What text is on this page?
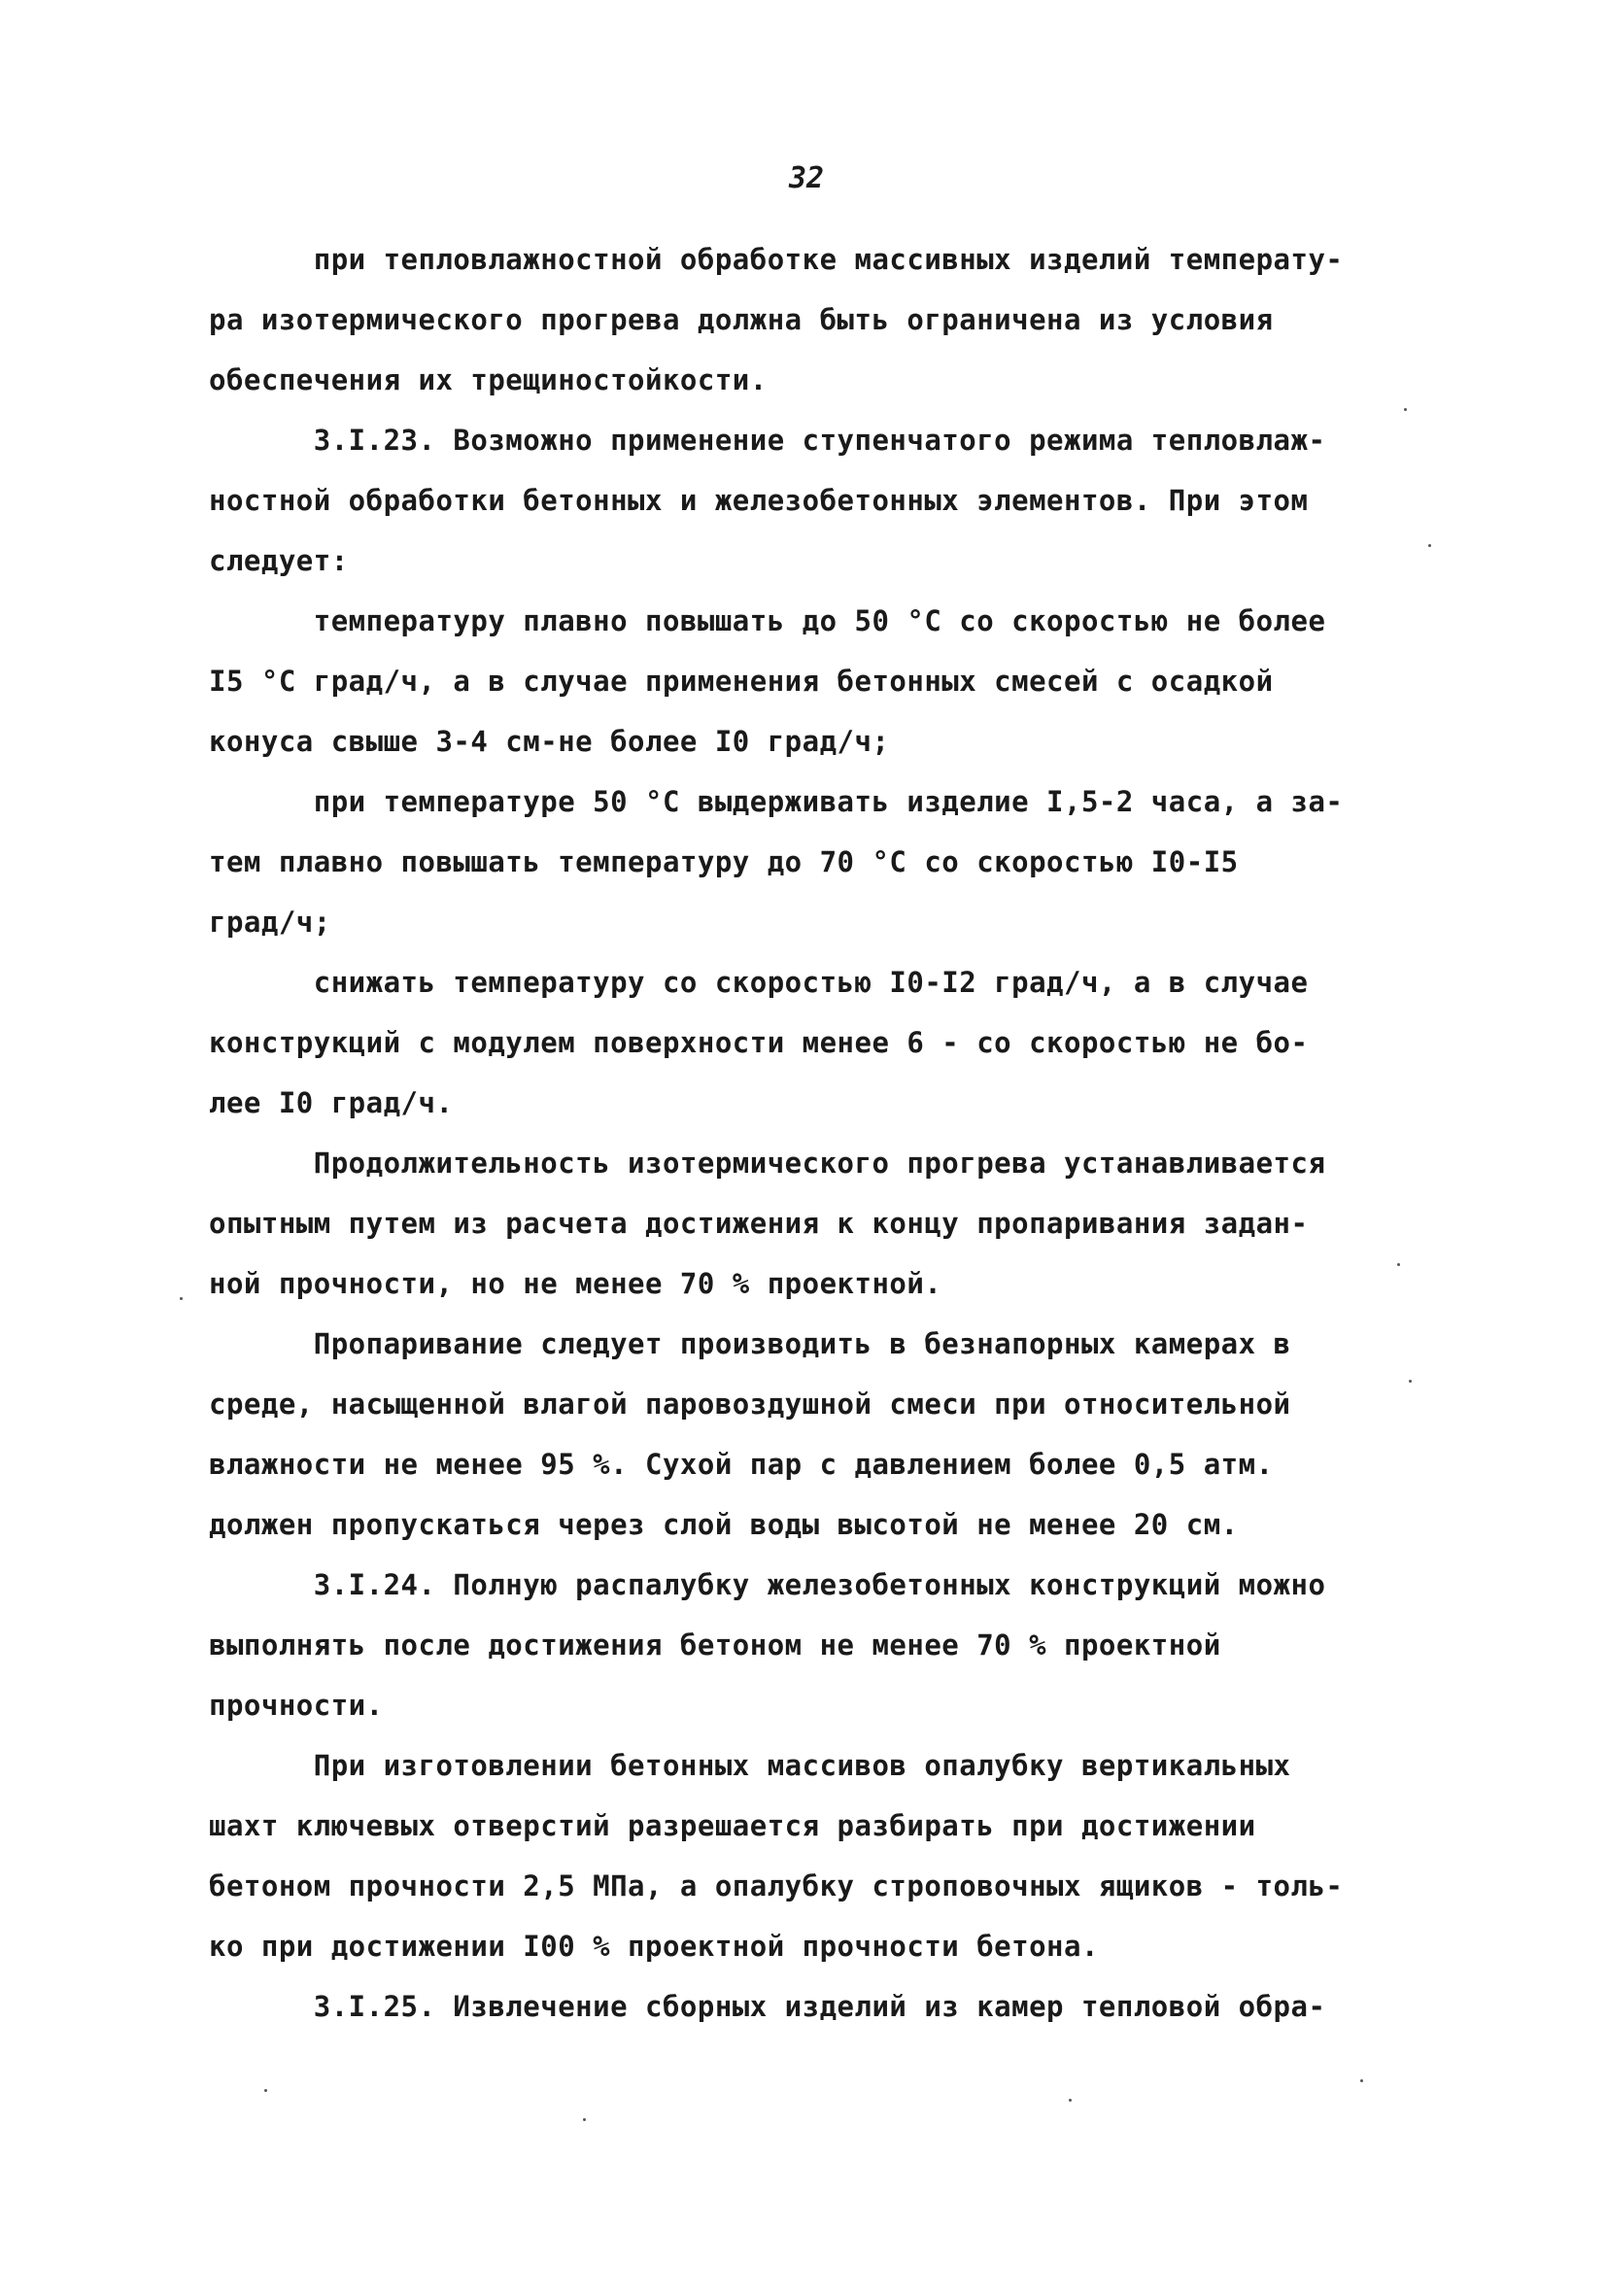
32
при тепловлажностной обработке массивных изделий температу-
ра изотермического прогрева должна быть ограничена из условия
обеспечения их трещиностойкости.
3.I.23. Возможно применение ступенчатого режима тепловлаж-
ностной обработки бетонных и железобетонных элементов. При этом
следует:
температуру плавно повышать до 50 °C со скоростью не более
I5 °C град/ч, а в случае применения бетонных смесей с осадкой
конуса свыше 3-4 см-не более I0 град/ч;
при температуре 50 °C выдерживать изделие I,5-2 часа, а за-
тем плавно повышать температуру до 70 °C со скоростью I0-I5
град/ч;
снижать температуру со скоростью I0-I2 град/ч, а в случае
конструкций с модулем поверхности менее 6 - со скоростью не бо-
лее I0 град/ч.
Продолжительность изотермического прогрева устанавливается
опытным путем из расчета достижения к концу пропаривания задан-
ной прочности, но не менее 70 % проектной.
Пропаривание следует производить в безнапорных камерах в
среде, насыщенной влагой паровоздушной смеси при относительной
влажности не менее 95 %. Сухой пар с давлением более 0,5 атм.
должен пропускаться через слой воды высотой не менее 20 см.
3.I.24. Полную распалубку железобетонных конструкций можно
выполнять после достижения бетоном не менее 70 % проектной
прочности.
При изготовлении бетонных массивов опалубку вертикальных
шахт ключевых отверстий разрешается разбирать при достижении
бетоном прочности 2,5 МПа, а опалубку строповочных ящиков - толь-
ко при достижении I00 % проектной прочности бетона.
3.I.25. Извлечение сборных изделий из камер тепловой обра-
